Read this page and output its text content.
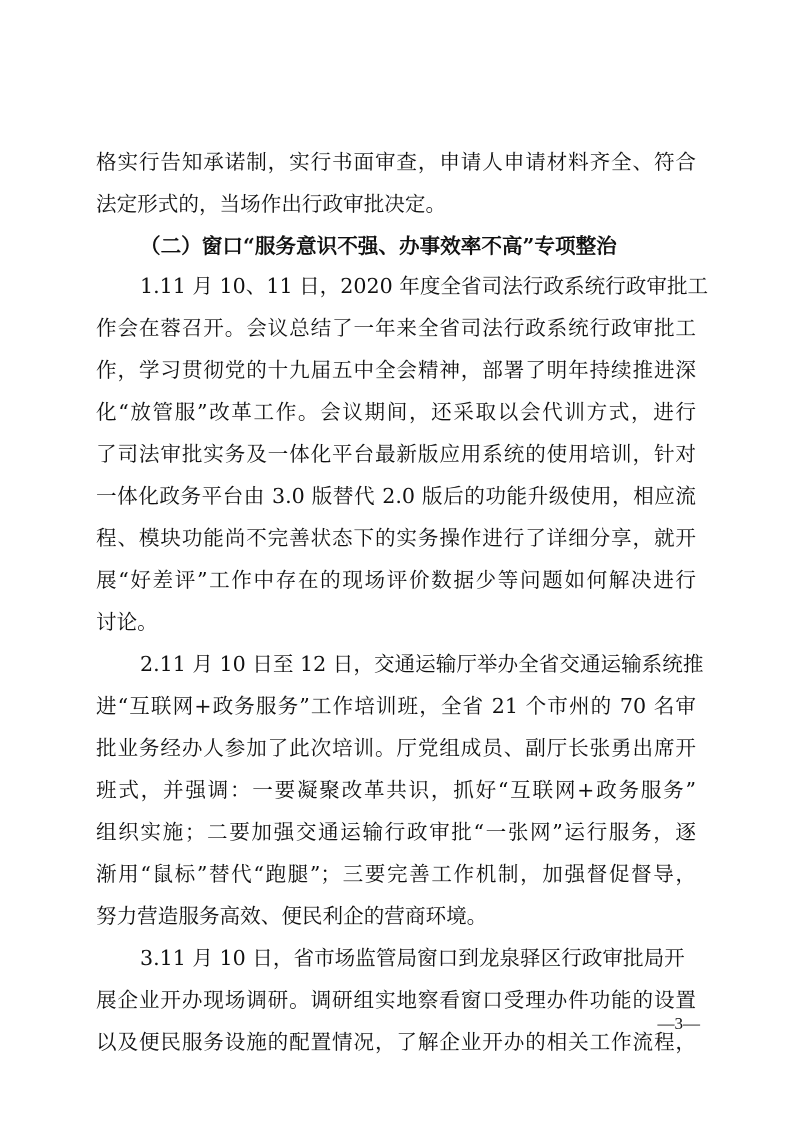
格实行告知承诺制，实行书面审查，申请人申请材料齐全、符合
法定形式的，当场作出行政审批决定。
（二）窗口“服务意识不强、办事效率不高”专项整治
1.11 月 10、11 日，2020 年度全省司法行政系统行政审批工
作会在蓉召开。会议总结了一年来全省司法行政系统行政审批工
作，学习贯彻党的十九届五中全会精神，部署了明年持续推进深
化“放管服”改革工作。会议期间，还采取以会代训方式，进行
了司法审批实务及一体化平台最新版应用系统的使用培训，针对
一体化政务平台由 3.0 版替代 2.0 版后的功能升级使用，相应流
程、模块功能尚不完善状态下的实务操作进行了详细分享，就开
展“好差评”工作中存在的现场评价数据少等问题如何解决进行
讨论。
2.11 月 10 日至 12 日，交通运输厅举办全省交通运输系统推
进“互联网+政务服务”工作培训班，全省 21 个市州的 70 名审
批业务经办人参加了此次培训。厅党组成员、副厅长张勇出席开
班式，并强调：一要凝聚改革共识，抓好“互联网+政务服务”
组织实施；二要加强交通运输行政审批“一张网”运行服务，逐
渐用“鼠标”替代“跑腿”；三要完善工作机制，加强督促督导，
努力营造服务高效、便民利企的营商环境。
3.11 月 10 日，省市场监管局窗口到龙泉驿区行政审批局开
展企业开办现场调研。调研组实地察看窗口受理办件功能的设置
以及便民服务设施的配置情况，了解企业开办的相关工作流程，
—3—
